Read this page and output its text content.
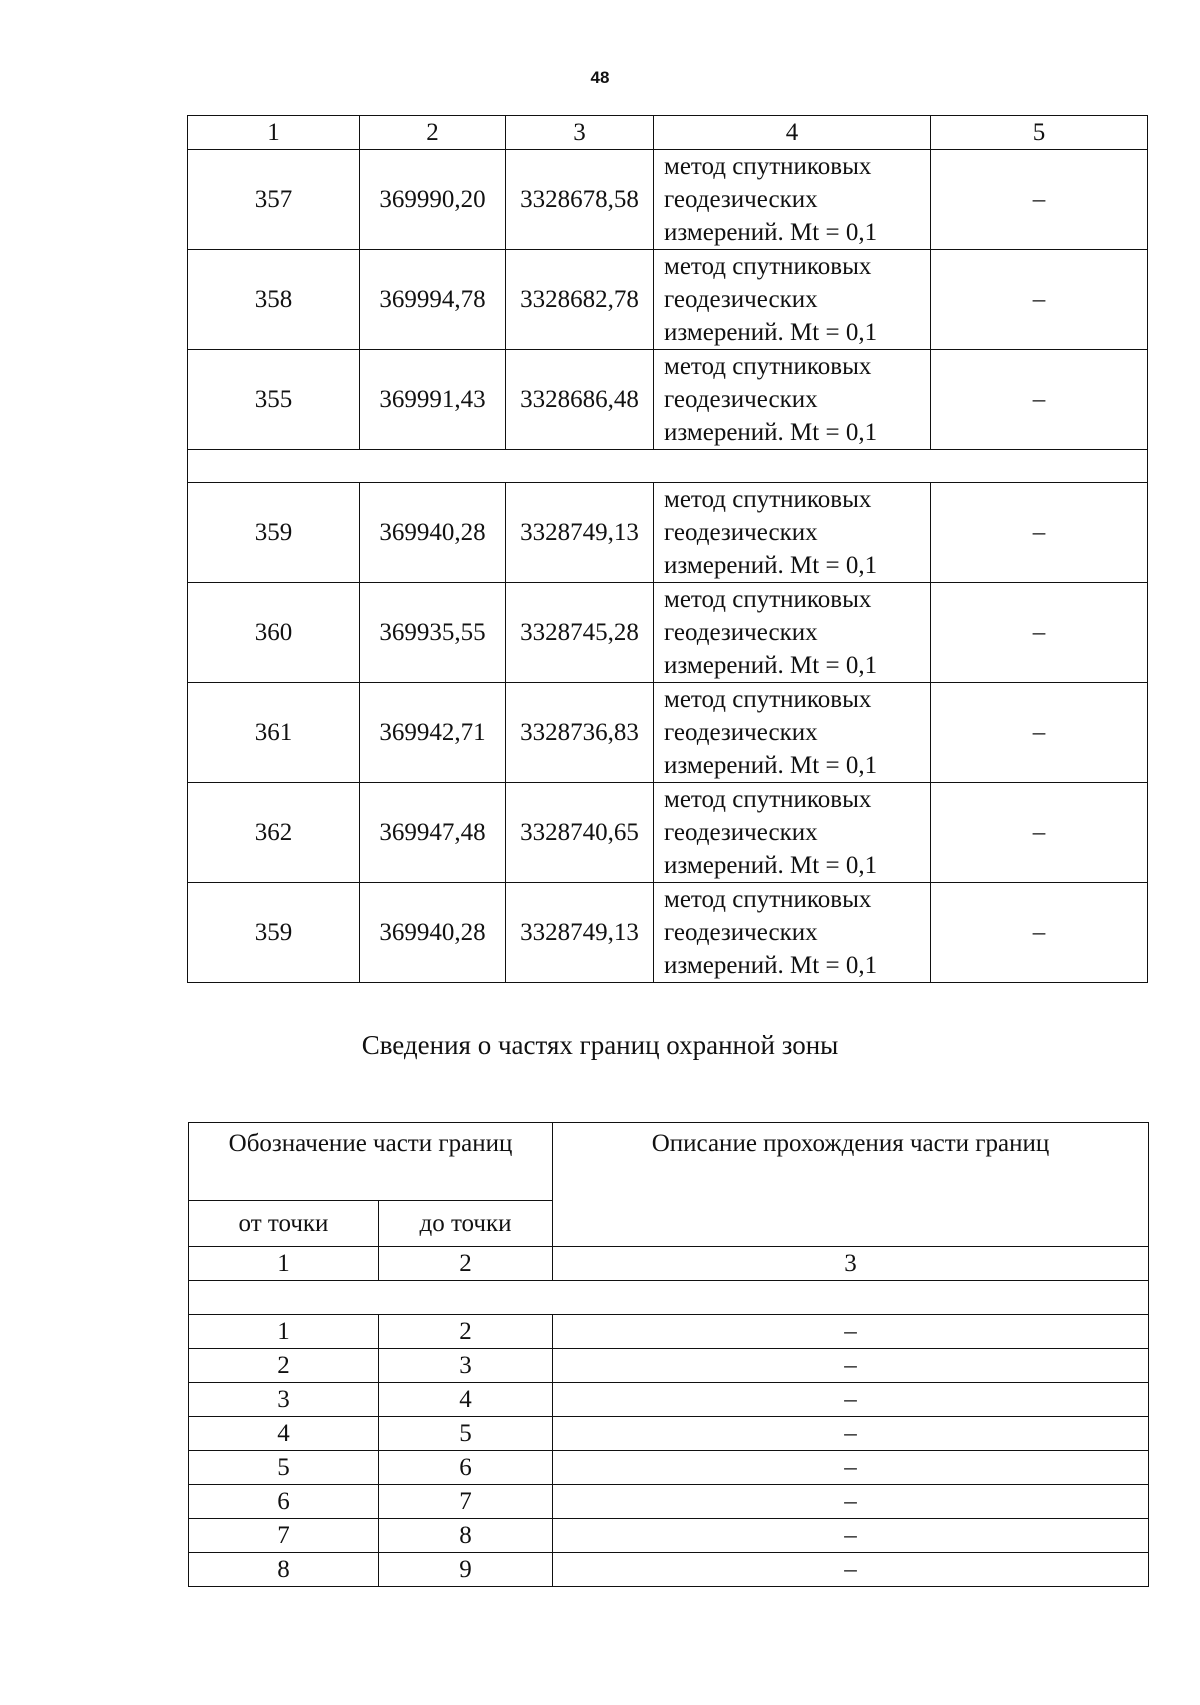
48
1	2	3	4	5
357	369990,20	3328678,58	метод спутниковых
геодезических
измерений. Mt = 0,1	–
358	369994,78	3328682,78	метод спутниковых
геодезических
измерений. Mt = 0,1	–
355	369991,43	3328686,48	метод спутниковых
геодезических
измерений. Mt = 0,1	–

359	369940,28	3328749,13	метод спутниковых
геодезических
измерений. Mt = 0,1	–
360	369935,55	3328745,28	метод спутниковых
геодезических
измерений. Mt = 0,1	–
361	369942,71	3328736,83	метод спутниковых
геодезических
измерений. Mt = 0,1	–
362	369947,48	3328740,65	метод спутниковых
геодезических
измерений. Mt = 0,1	–
359	369940,28	3328749,13	метод спутниковых
геодезических
измерений. Mt = 0,1	–
Сведения о частях границ охранной зоны
Обозначение части границ		Описание прохождения части границ
от точки	до точки	
1	2	3

1	2	–
2	3	–
3	4	–
4	5	–
5	6	–
6	7	–
7	8	–
8	9	–
